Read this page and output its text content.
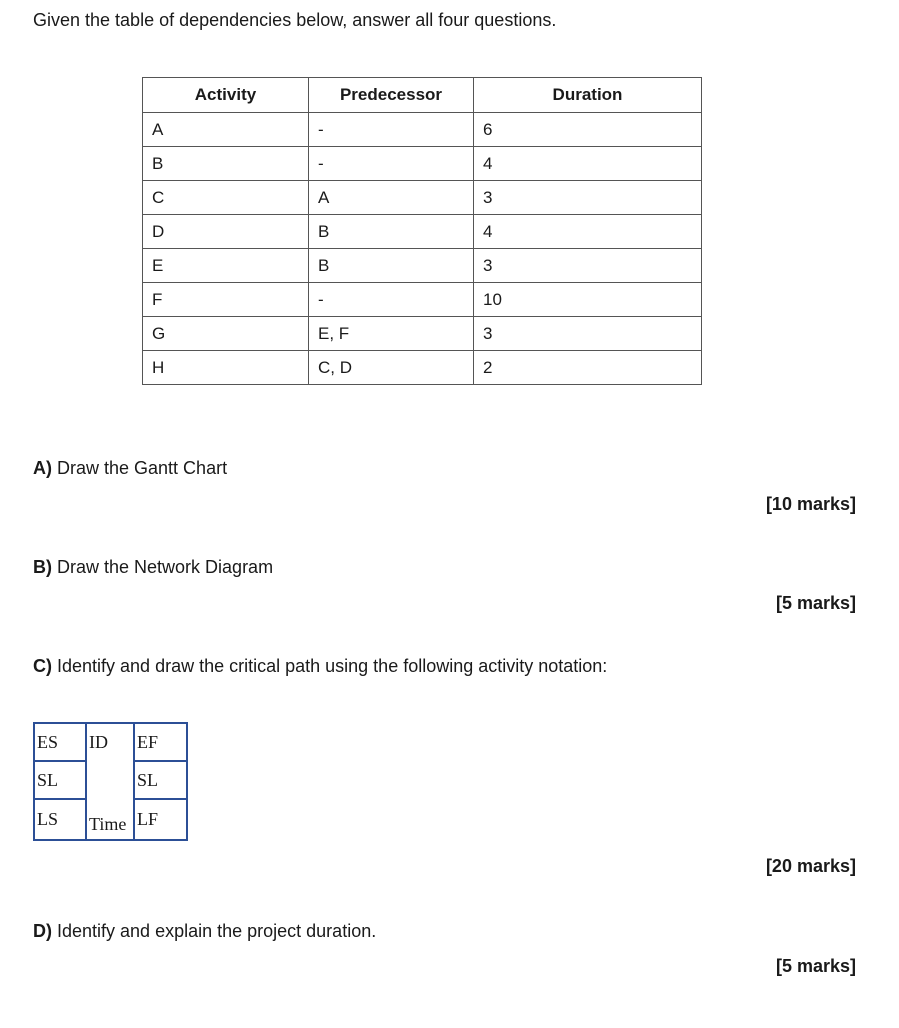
Given the table of dependencies below, answer all four questions.
Activity	Predecessor	Duration
A	-	6
B	-	4
C	A	3
D	B	4
E	B	3
F	-	10
G	E, F	3
H	C, D	2
A) Draw the Gantt Chart
[10 marks]
B) Draw the Network Diagram
[5 marks]
C) Identify and draw the critical path using the following activity notation:
ES	ID	EF
SL		SL
LS	Time	LF
[20 marks]
D) Identify and explain the project duration.
[5 marks]
